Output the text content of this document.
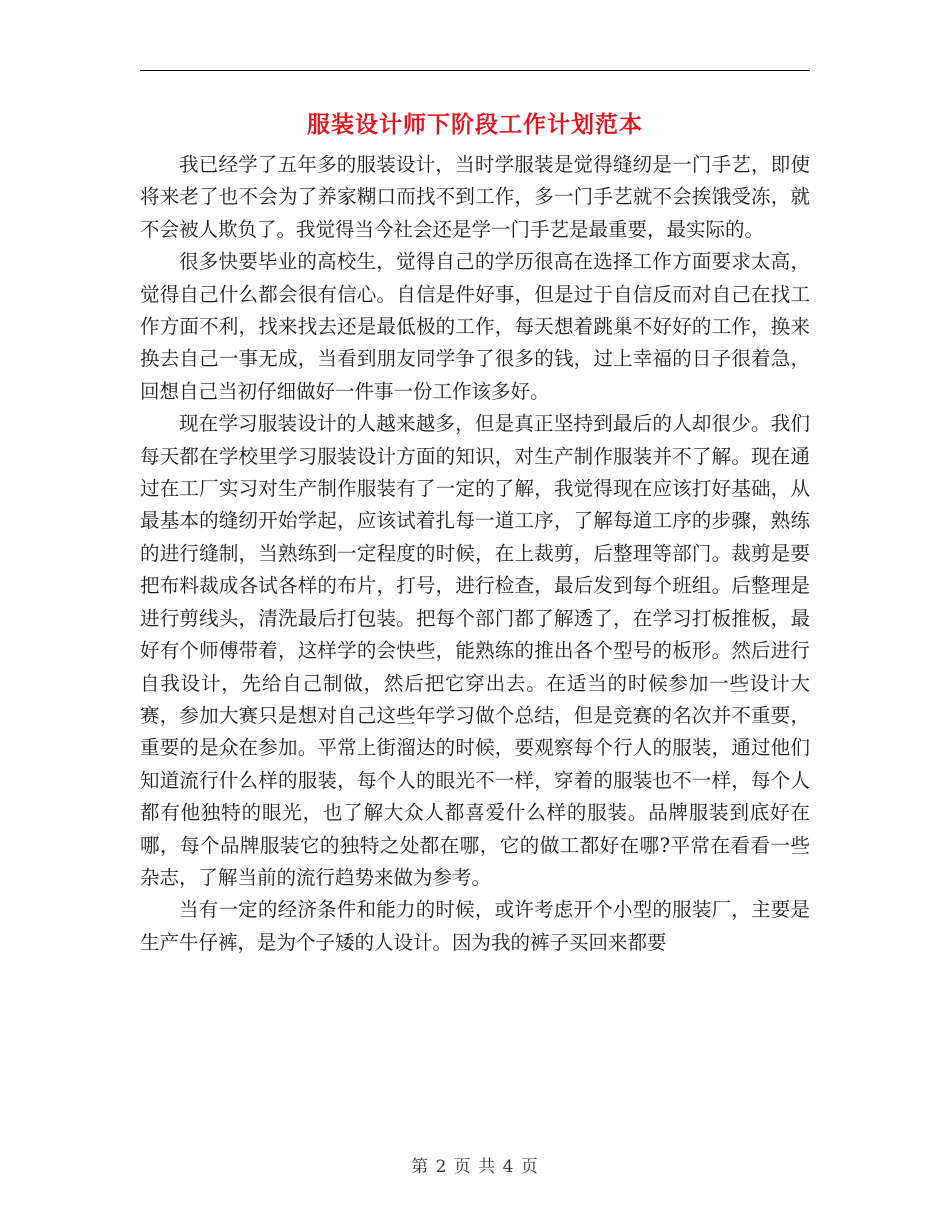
服装设计师下阶段工作计划范本

我已经学了五年多的服装设计，当时学服装是觉得缝纫是一门手艺，即使将来老了也不会为了养家糊口而找不到工作，多一门手艺就不会挨饿受冻，就不会被人欺负了。我觉得当今社会还是学一门手艺是最重要，最实际的。

很多快要毕业的高校生，觉得自己的学历很高在选择工作方面要求太高，觉得自己什么都会很有信心。自信是件好事，但是过于自信反而对自己在找工作方面不利，找来找去还是最低极的工作，每天想着跳巢不好好的工作，换来换去自己一事无成，当看到朋友同学争了很多的钱，过上幸福的日子很着急，回想自己当初仔细做好一件事一份工作该多好。

现在学习服装设计的人越来越多，但是真正坚持到最后的人却很少。我们每天都在学校里学习服装设计方面的知识，对生产制作服装并不了解。现在通过在工厂实习对生产制作服装有了一定的了解，我觉得现在应该打好基础，从最基本的缝纫开始学起，应该试着扎每一道工序，了解每道工序的步骤，熟练的进行缝制，当熟练到一定程度的时候，在上裁剪，后整理等部门。裁剪是要把布料裁成各试各样的布片，打号，进行检查，最后发到每个班组。后整理是进行剪线头，清洗最后打包装。把每个部门都了解透了，在学习打板推板，最好有个师傅带着，这样学的会快些，能熟练的推出各个型号的板形。然后进行自我设计，先给自己制做，然后把它穿出去。在适当的时候参加一些设计大赛，参加大赛只是想对自己这些年学习做个总结，但是竞赛的名次并不重要，重要的是众在参加。平常上街溜达的时候，要观察每个行人的服装，通过他们知道流行什么样的服装，每个人的眼光不一样，穿着的服装也不一样，每个人都有他独特的眼光，也了解大众人都喜爱什么样的服装。品牌服装到底好在哪，每个品牌服装它的独特之处都在哪，它的做工都好在哪?平常在看看一些杂志，了解当前的流行趋势来做为参考。

当有一定的经济条件和能力的时候，或许考虑开个小型的服装厂，主要是生产牛仔裤，是为个子矮的人设计。因为我的裤子买回来都要

第 2 页 共 4 页
